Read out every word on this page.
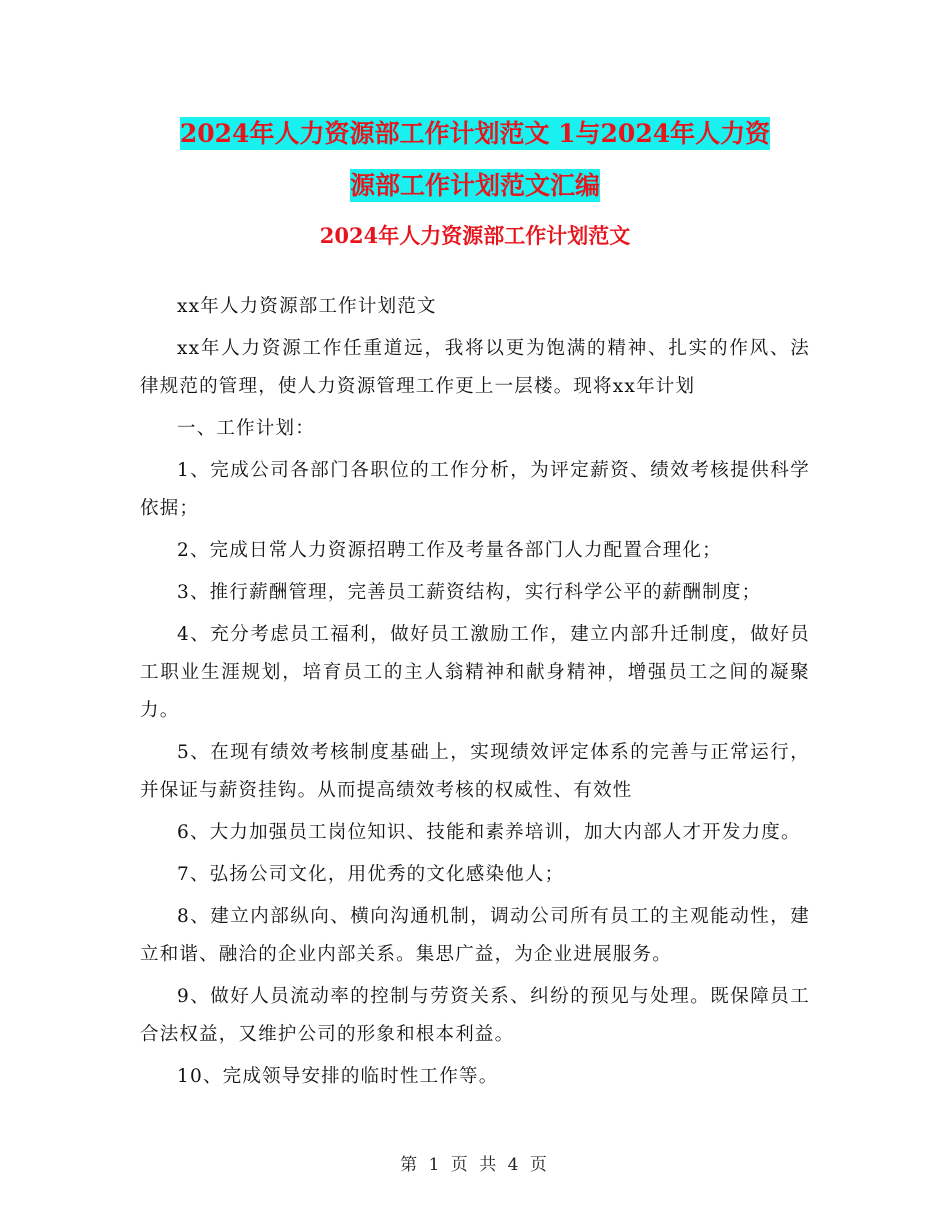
2024年人力资源部工作计划范文 1与2024年人力资
源部工作计划范文汇编
2024年人力资源部工作计划范文

xx年人力资源部工作计划范文

xx年人力资源工作任重道远，我将以更为饱满的精神、扎实的作风、法律规范的管理，使人力资源管理工作更上一层楼。现将xx年计划

一、工作计划：

1、完成公司各部门各职位的工作分析，为评定薪资、绩效考核提供科学依据；

2、完成日常人力资源招聘工作及考量各部门人力配置合理化；

3、推行薪酬管理，完善员工薪资结构，实行科学公平的薪酬制度；

4、充分考虑员工福利，做好员工激励工作，建立内部升迁制度，做好员工职业生涯规划，培育员工的主人翁精神和献身精神，增强员工之间的凝聚力。

5、在现有绩效考核制度基础上，实现绩效评定体系的完善与正常运行，并保证与薪资挂钩。从而提高绩效考核的权威性、有效性

6、大力加强员工岗位知识、技能和素养培训，加大内部人才开发力度。

7、弘扬公司文化，用优秀的文化感染他人；

8、建立内部纵向、横向沟通机制，调动公司所有员工的主观能动性，建立和谐、融洽的企业内部关系。集思广益，为企业进展服务。

9、做好人员流动率的控制与劳资关系、纠纷的预见与处理。既保障员工合法权益，又维护公司的形象和根本利益。

10、完成领导安排的临时性工作等。

第 1 页 共 4 页
